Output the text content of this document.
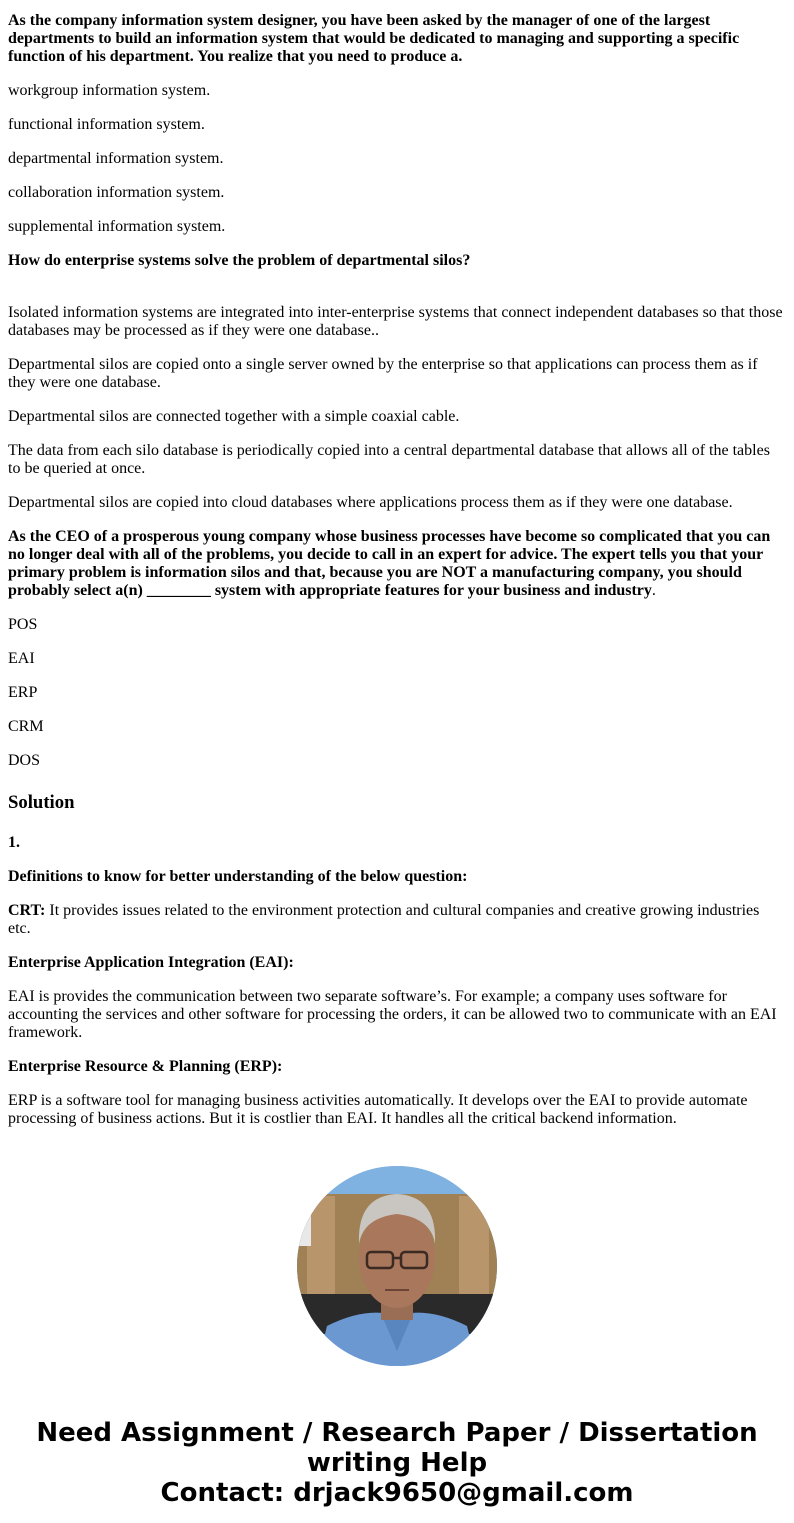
As the company information system designer, you have been asked by the manager of one of the largest departments to build an information system that would be dedicated to managing and supporting a specific function of his department. You realize that you need to produce a.

workgroup information system.

functional information system.

departmental information system.

collaboration information system.

supplemental information system.

How do enterprise systems solve the problem of departmental silos?

Isolated information systems are integrated into inter-enterprise systems that connect independent databases so that those databases may be processed as if they were one database..

Departmental silos are copied onto a single server owned by the enterprise so that applications can process them as if they were one database.

Departmental silos are connected together with a simple coaxial cable.

The data from each silo database is periodically copied into a central departmental database that allows all of the tables to be queried at once.

Departmental silos are copied into cloud databases where applications process them as if they were one database.

As the CEO of a prosperous young company whose business processes have become so complicated that you can no longer deal with all of the problems, you decide to call in an expert for advice. The expert tells you that your primary problem is information silos and that, because you are NOT a manufacturing company, you should probably select a(n) ________ system with appropriate features for your business and industry.

POS

EAI

ERP

CRM

DOS

Solution

1.

Definitions to know for better understanding of the below question:

CRT: It provides issues related to the environment protection and cultural companies and creative growing industries etc.

Enterprise Application Integration (EAI):

EAI is provides the communication between two separate software’s. For example; a company uses software for accounting the services and other software for processing the orders, it can be allowed two to communicate with an EAI framework.

Enterprise Resource & Planning (ERP):

ERP is a software tool for managing business activities automatically. It develops over the EAI to provide automate processing of business actions. But it is costlier than EAI. It handles all the critical backend information.

Need Assignment / Research Paper / Dissertation writing Help
Contact: drjack9650@gmail.com
